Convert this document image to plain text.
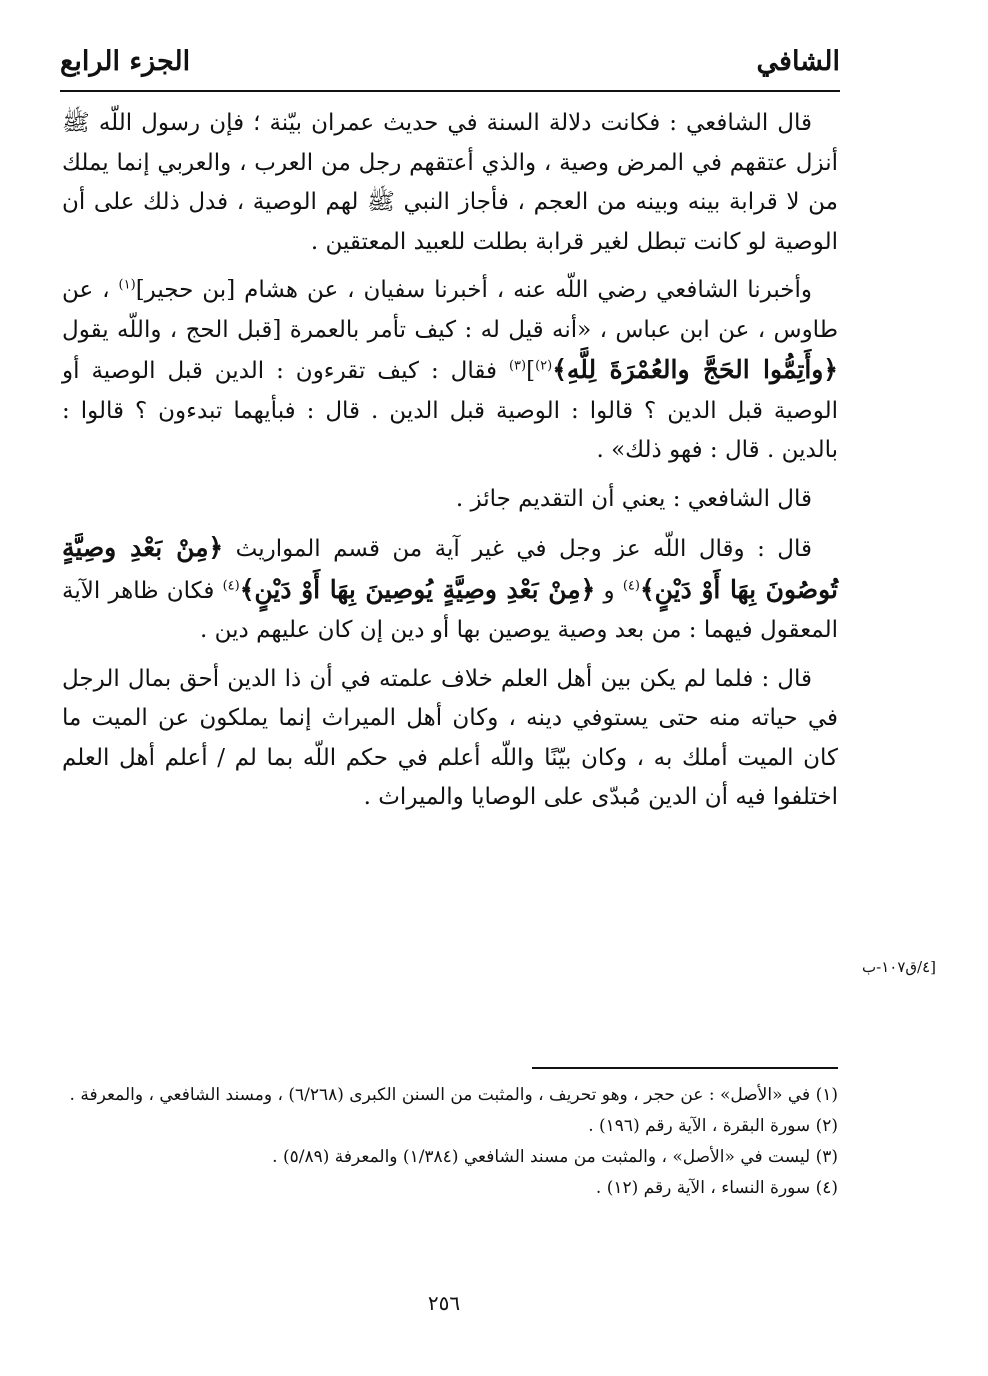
الشافي
الجزء الرابع

قال الشافعي : فكانت دلالة السنة في حديث عمران بيّنة ؛ فإن رسول اللّه ﷺ أنزل عتقهم في المرض وصية ، والذي أعتقهم رجل من العرب ، والعربي إنما يملك من لا قرابة بينه وبينه من العجم ، فأجاز النبي ﷺ لهم الوصية ، فدل ذلك على أن الوصية لو كانت تبطل لغير قرابة بطلت للعبيد المعتقين .

وأخبرنا الشافعي رضي اللّه عنه ، أخبرنا سفيان ، عن هشام [بن حجير]$^{(١)}$ ، عن طاوس ، عن ابن عباس ، «أنه قيل له : كيف تأمر بالعمرة [قبل الحج ، واللّه يقول ﴿وأَتِمُّوا الحَجَّ والعُمْرَةَ لِلَّهِ﴾$^{(٢)}$]$^{(٣)}$ فقال : كيف تقرءون : الدين قبل الوصية أو الوصية قبل الدين ؟ قالوا : الوصية قبل الدين . قال : فبأيهما تبدءون ؟ قالوا : بالدين . قال : فهو ذلك» .

قال الشافعي : يعني أن التقديم جائز .

قال : وقال اللّه عز وجل في غير آية من قسم المواريث ﴿مِنْ بَعْدِ وصِيَّةٍ تُوصُونَ بِهَا أَوْ دَيْنٍ﴾$^{(٤)}$ و ﴿مِنْ بَعْدِ وصِيَّةٍ يُوصِينَ بِهَا أَوْ دَيْنٍ﴾$^{(٤)}$ فكان ظاهر الآية المعقول فيهما : من بعد وصية يوصين بها أو دين إن كان عليهم دين .

قال : فلما لم يكن بين أهل العلم خلاف علمته في أن ذا الدين أحق بمال الرجل في حياته منه حتى يستوفي دينه ، وكان أهل الميراث إنما يملكون عن الميت ما كان الميت أملك به ، وكان بيّنًا واللّه أعلم في حكم اللّه بما لم / أعلم أهل العلم اختلفوا فيه أن الدين مُبدّى على الوصايا والميراث .

[٤/ق١٠٧-ب

(١) في «الأصل» : عن حجر ، وهو تحريف ، والمثبت من السنن الكبرى (٦/٢٦٨) ، ومسند الشافعي ، والمعرفة .

(٢) سورة البقرة ، الآية رقم (١٩٦) .

(٣) ليست في «الأصل» ، والمثبت من مسند الشافعي (١/٣٨٤) والمعرفة (٥/٨٩) .

(٤) سورة النساء ، الآية رقم (١٢) .

٢٥٦
